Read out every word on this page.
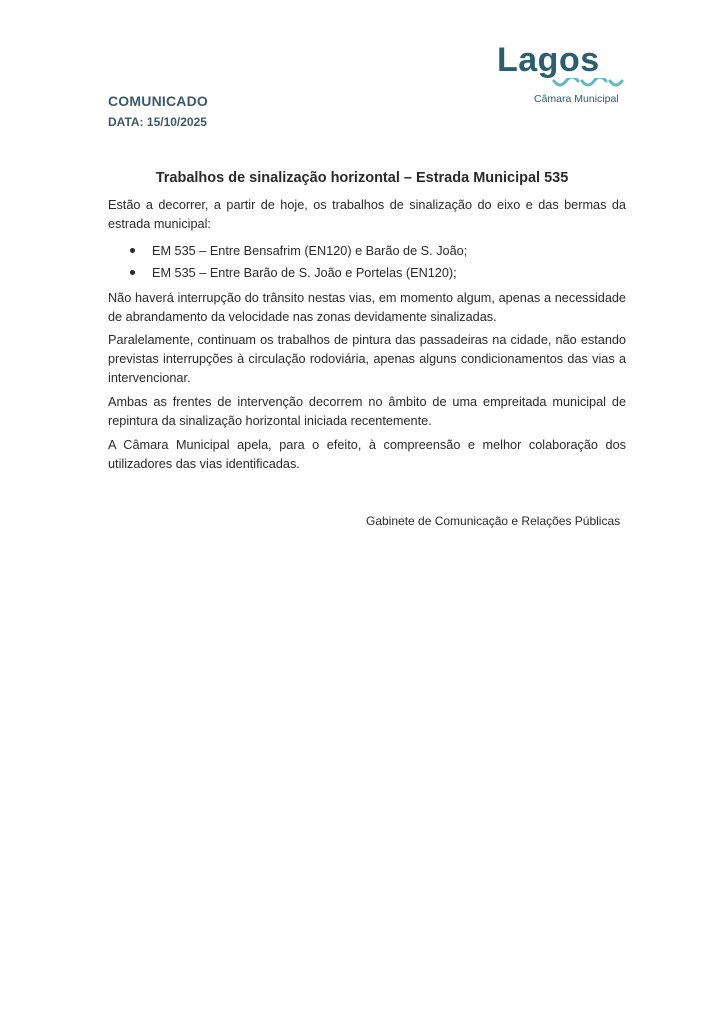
COMUNICADO
DATA: 15/10/2025
Lagos
Câmara Municipal
Trabalhos de sinalização horizontal – Estrada Municipal 535
Estão a decorrer, a partir de hoje, os trabalhos de sinalização do eixo e das bermas da estrada municipal:
EM 535 – Entre Bensafrim (EN120) e Barão de S. João;
EM 535 – Entre Barão de S. João e Portelas (EN120);
Não haverá interrupção do trânsito nestas vias, em momento algum, apenas a necessidade de abrandamento da velocidade nas zonas devidamente sinalizadas.
Paralelamente, continuam os trabalhos de pintura das passadeiras na cidade, não estando previstas interrupções à circulação rodoviária, apenas alguns condicionamentos das vias a intervencionar.
Ambas as frentes de intervenção decorrem no âmbito de uma empreitada municipal de repintura da sinalização horizontal iniciada recentemente.
A Câmara Municipal apela, para o efeito, à compreensão e melhor colaboração dos utilizadores das vias identificadas.
Gabinete de Comunicação e Relações Públicas
